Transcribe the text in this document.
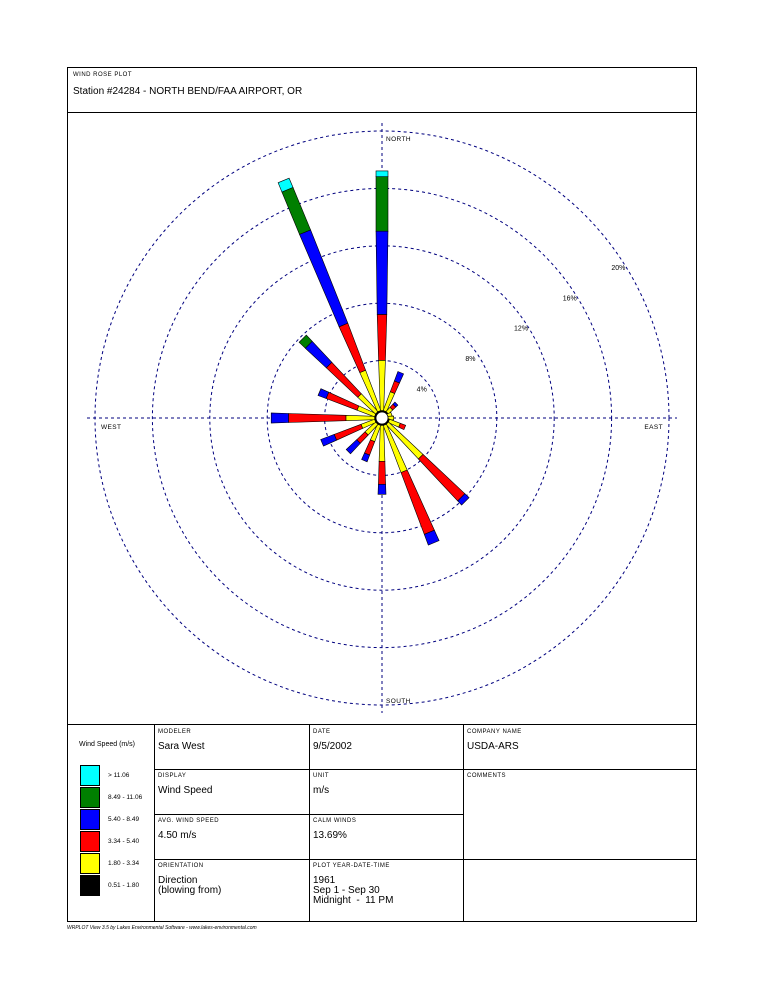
WIND ROSE PLOT
Station #24284 - NORTH BEND/FAA AIRPORT, OR
4%
8%
12%
16%
20%
NORTH
SOUTH
EAST
WEST
Wind Speed (m/s)
> 11.06
8.49 - 11.06
5.40 - 8.49
3.34 - 5.40
1.80 - 3.34
0.51 - 1.80
MODELER
Sara West
DATE
9/5/2002
COMPANY NAME
USDA-ARS
DISPLAY
Wind Speed
UNIT
m/s
COMMENTS
AVG. WIND SPEED
4.50 m/s
CALM WINDS
13.69%
ORIENTATION
Direction
(blowing from)
PLOT YEAR-DATE-TIME
1961
Sep 1 - Sep 30
Midnight  -  11 PM
WRPLOT View 3.5 by Lakes Environmental Software - www.lakes-environmental.com
